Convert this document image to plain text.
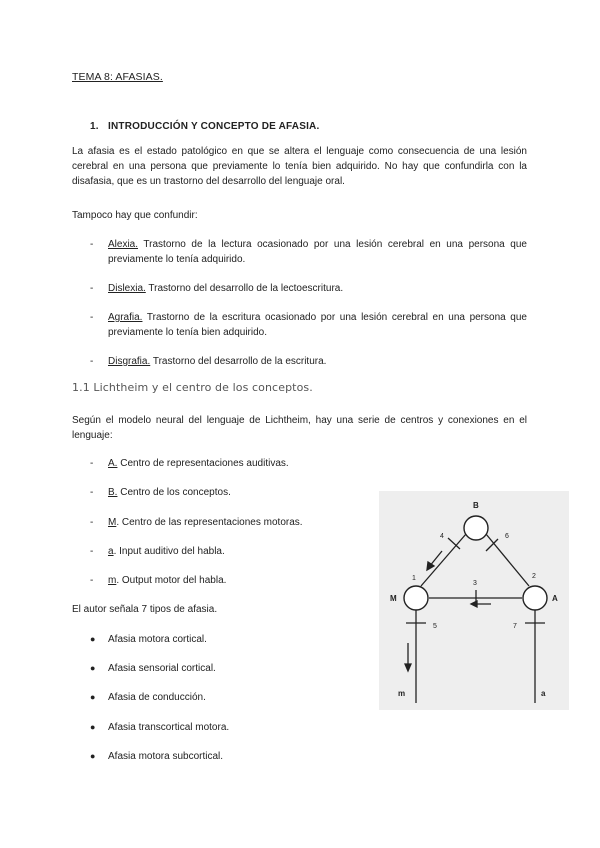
TEMA 8: AFASIAS.
1. INTRODUCCIÓN Y CONCEPTO DE AFASIA.

La afasia es el estado patológico en que se altera el lenguaje como consecuencia de una lesión cerebral en una persona que previamente lo tenía bien adquirido. No hay que confundirla con la disafasia, que es un trastorno del desarrollo del lenguaje oral.

Tampoco hay que confundir:

- Alexia. Trastorno de la lectura ocasionado por una lesión cerebral en una persona que previamente lo tenía adquirido.
- Dislexia. Trastorno del desarrollo de la lectoescritura.
- Agrafia. Trastorno de la escritura ocasionado por una lesión cerebral en una persona que previamente lo tenía bien adquirido.
- Disgrafia. Trastorno del desarrollo de la escritura.
1.1 Lichtheim y el centro de los conceptos.

Según el modelo neural del lenguaje de Lichtheim, hay una serie de centros y conexiones en el lenguaje:

- A. Centro de representaciones auditivas.
- B. Centro de los conceptos.
- M. Centro de las representaciones motoras.
- a. Input auditivo del habla.
- m. Output motor del habla.

El autor señala 7 tipos de afasia.

● Afasia motora cortical.
● Afasia sensorial cortical.
● Afasia de conducción.
● Afasia transcortical motora.
● Afasia motora subcortical.
B
M	A
m	a
1	2
3
4
5
6
7
